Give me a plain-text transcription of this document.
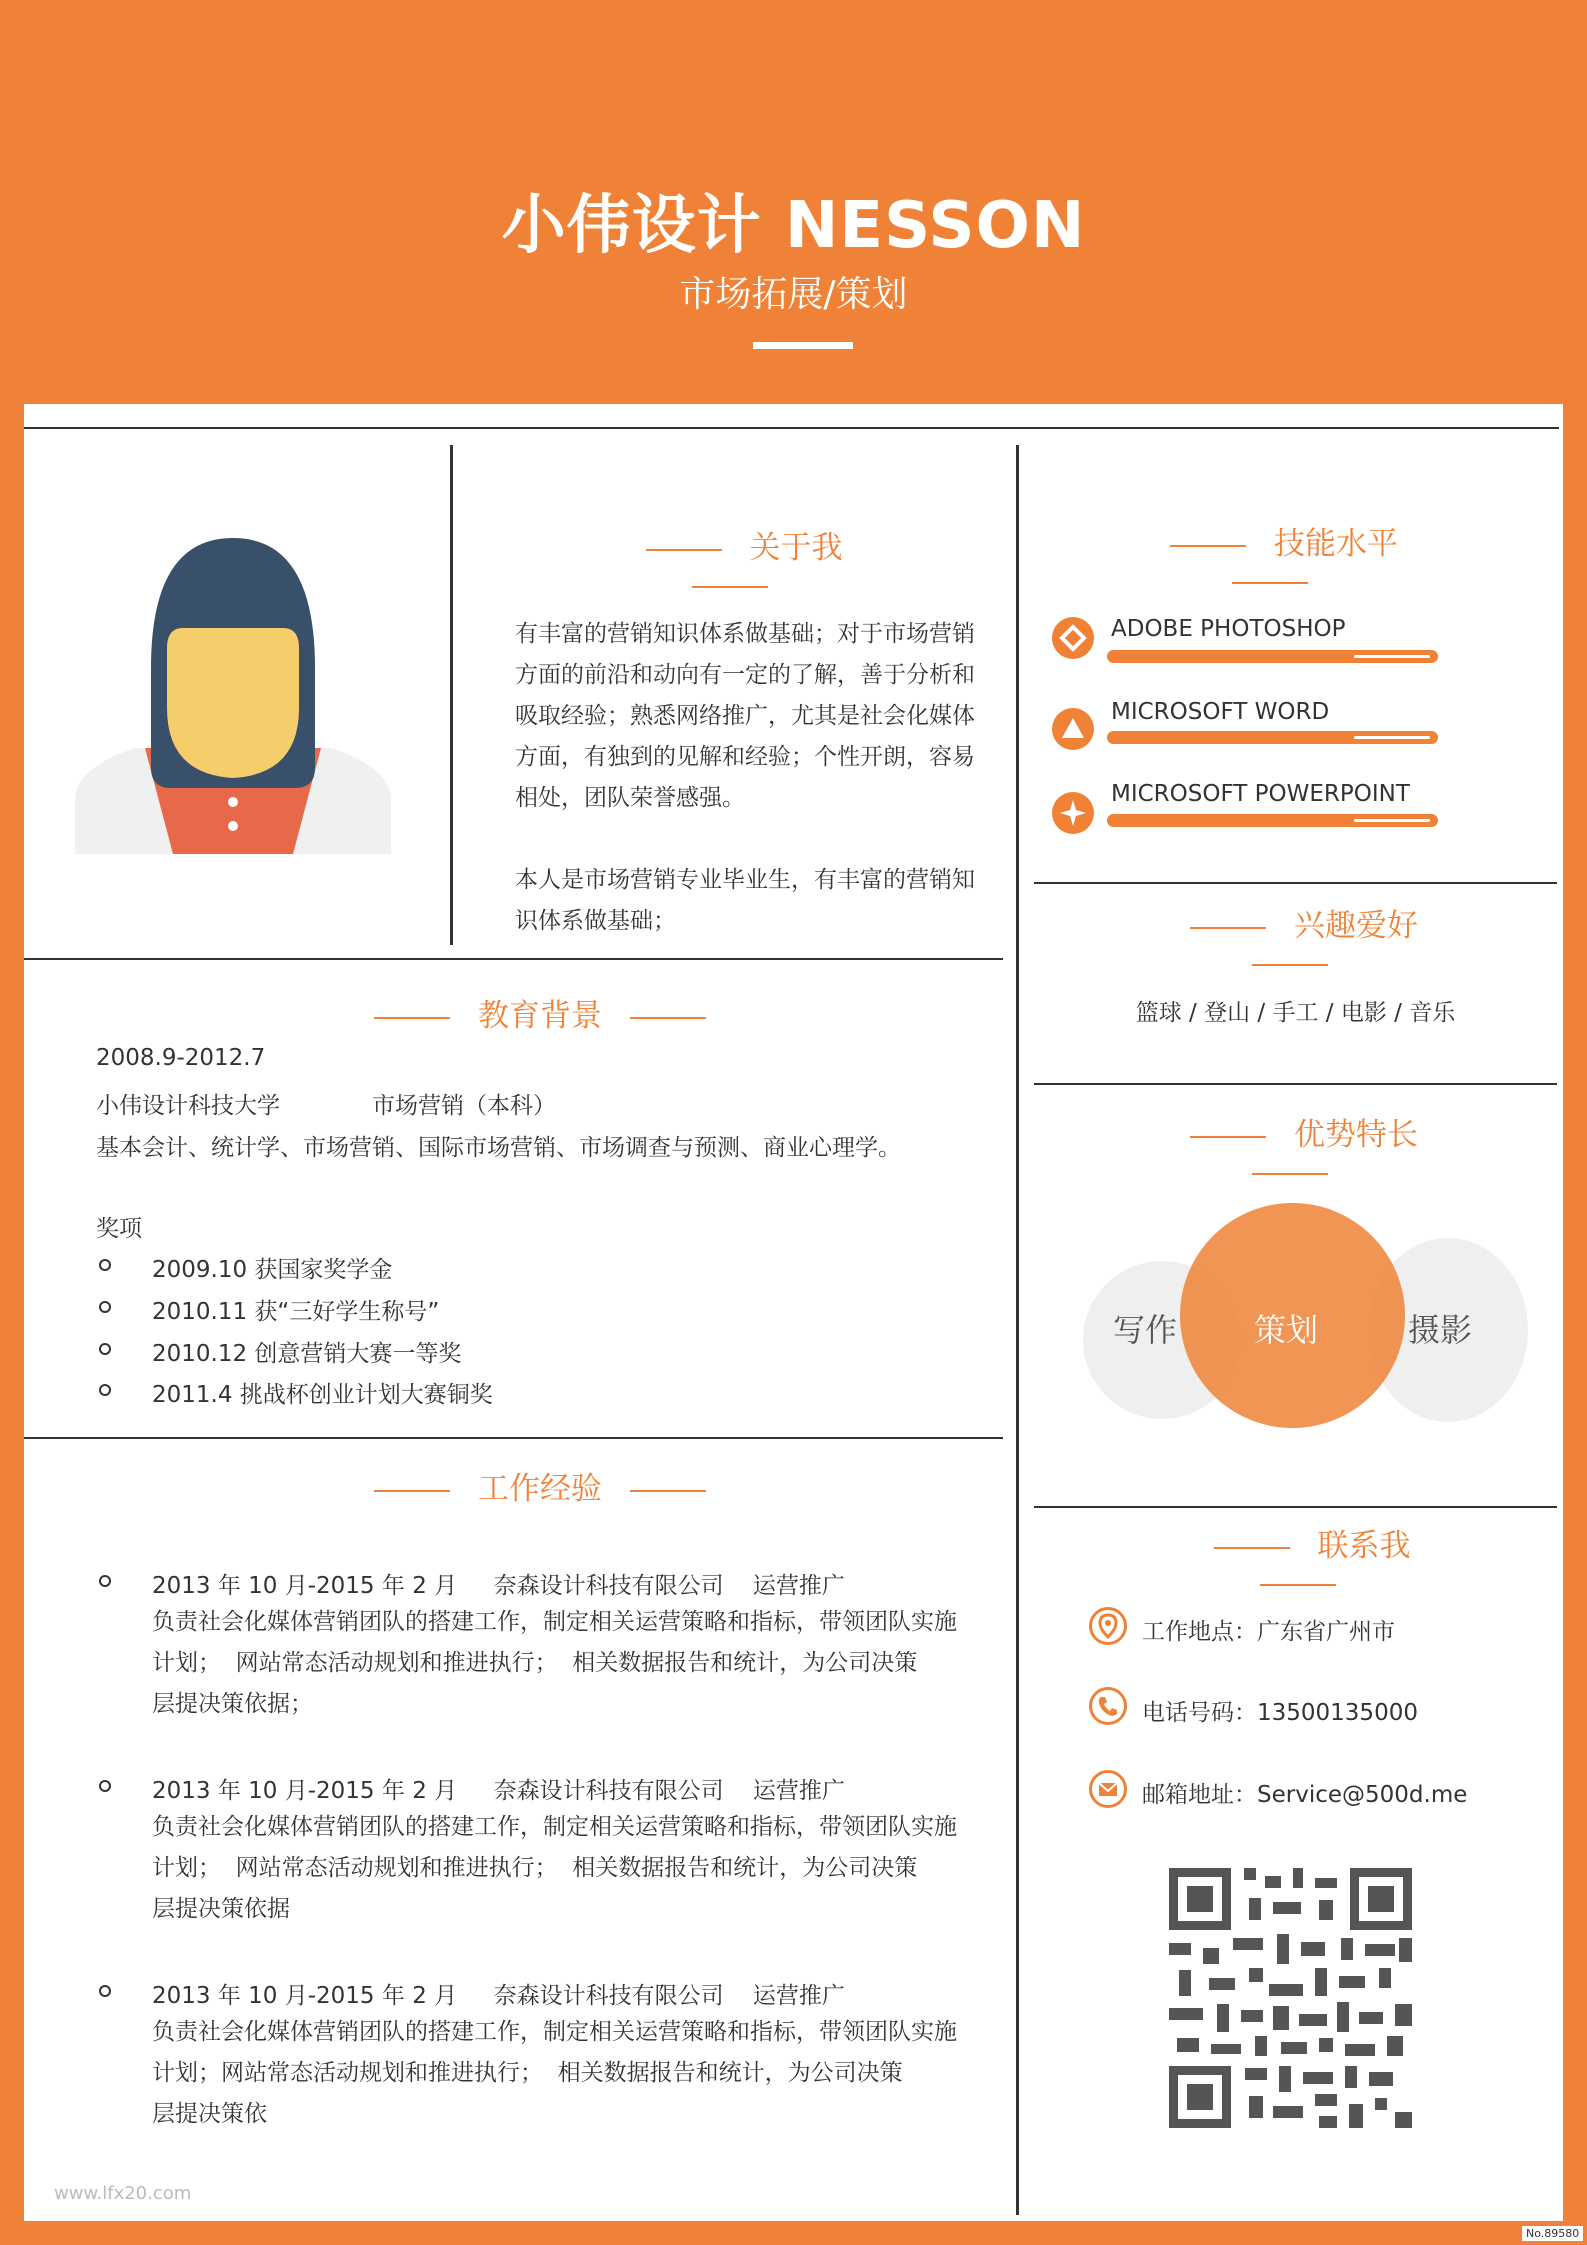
小伟设计 NESSON
市场拓展/策划
关于我
有丰富的营销知识体系做基础；对于市场营销
方面的前沿和动向有一定的了解，善于分析和
吸取经验；熟悉网络推广，尤其是社会化媒体
方面，有独到的见解和经验；个性开朗，容易
相处，团队荣誉感强。
本人是市场营销专业毕业生，有丰富的营销知
识体系做基础；
教育背景
2008.9-2012.7
小伟设计科技大学	市场营销（本科）
基本会计、统计学、市场营销、国际市场营销、市场调查与预测、商业心理学。
奖项
2009.10 获国家奖学金
2010.11 获“三好学生称号”
2010.12 创意营销大赛一等奖
2011.4 挑战杯创业计划大赛铜奖
工作经验
2013 年 10 月-2015 年 2 月     奈森设计科技有限公司    运营推广
负责社会化媒体营销团队的搭建工作，制定相关运营策略和指标，带领团队实施
计划；  网站常态活动规划和推进执行；  相关数据报告和统计，为公司决策
层提决策依据；
2013 年 10 月-2015 年 2 月     奈森设计科技有限公司    运营推广
负责社会化媒体营销团队的搭建工作，制定相关运营策略和指标，带领团队实施
计划；  网站常态活动规划和推进执行；  相关数据报告和统计，为公司决策
层提决策依据
2013 年 10 月-2015 年 2 月     奈森设计科技有限公司    运营推广
负责社会化媒体营销团队的搭建工作，制定相关运营策略和指标，带领团队实施
计划；网站常态活动规划和推进执行；  相关数据报告和统计，为公司决策
层提决策依
技能水平
ADOBE PHOTOSHOP
MICROSOFT WORD
MICROSOFT POWERPOINT
兴趣爱好
篮球 / 登山 / 手工 / 电影 / 音乐
优势特长
写作	策划	摄影
联系我
工作地点：广东省广州市
电话号码：13500135000
邮箱地址：Service@500d.me
www.lfx20.com
No.89580
